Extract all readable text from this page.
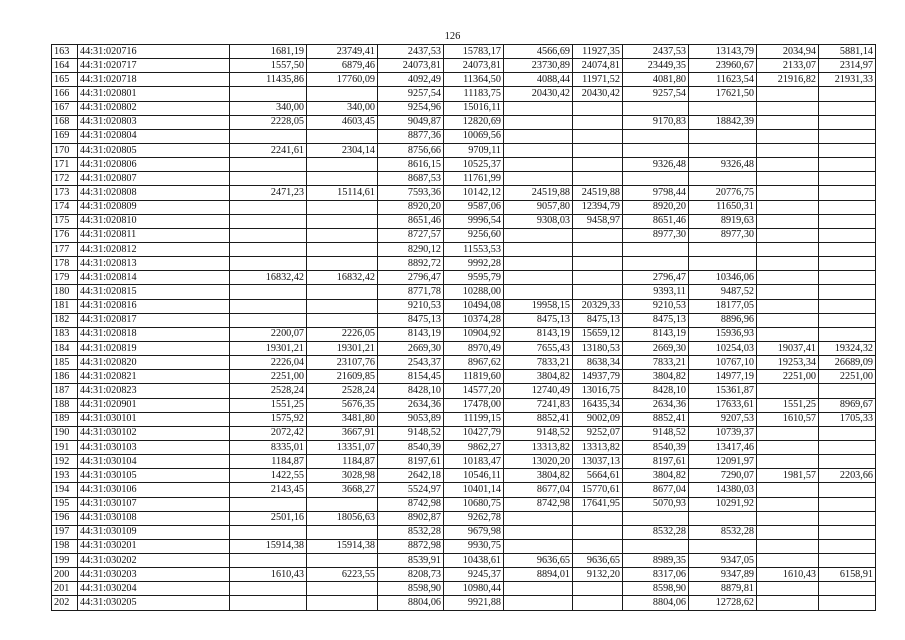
126
163	44:31:020716	1681,19	23749,41	2437,53	15783,17	4566,69	11927,35	2437,53	13143,79	2034,94	5881,14
164	44:31:020717	1557,50	6879,46	24073,81	24073,81	23730,89	24074,81	23449,35	23960,67	2133,07	2314,97
165	44:31:020718	11435,86	17760,09	4092,49	11364,50	4088,44	11971,52	4081,80	11623,54	21916,82	21931,33
166	44:31:020801			9257,54	11183,75	20430,42	20430,42	9257,54	17621,50		
167	44:31:020802	340,00	340,00	9254,96	15016,11						
168	44:31:020803	2228,05	4603,45	9049,87	12820,69			9170,83	18842,39		
169	44:31:020804			8877,36	10069,56						
170	44:31:020805	2241,61	2304,14	8756,66	9709,11						
171	44:31:020806			8616,15	10525,37			9326,48	9326,48		
172	44:31:020807			8687,53	11761,99						
173	44:31:020808	2471,23	15114,61	7593,36	10142,12	24519,88	24519,88	9798,44	20776,75		
174	44:31:020809			8920,20	9587,06	9057,80	12394,79	8920,20	11650,31		
175	44:31:020810			8651,46	9996,54	9308,03	9458,97	8651,46	8919,63		
176	44:31:020811			8727,57	9256,60			8977,30	8977,30		
177	44:31:020812			8290,12	11553,53						
178	44:31:020813			8892,72	9992,28						
179	44:31:020814	16832,42	16832,42	2796,47	9595,79			2796,47	10346,06		
180	44:31:020815			8771,78	10288,00			9393,11	9487,52		
181	44:31:020816			9210,53	10494,08	19958,15	20329,33	9210,53	18177,05		
182	44:31:020817			8475,13	10374,28	8475,13	8475,13	8475,13	8896,96		
183	44:31:020818	2200,07	2226,05	8143,19	10904,92	8143,19	15659,12	8143,19	15936,93		
184	44:31:020819	19301,21	19301,21	2669,30	8970,49	7655,43	13180,53	2669,30	10254,03	19037,41	19324,32
185	44:31:020820	2226,04	23107,76	2543,37	8967,62	7833,21	8638,34	7833,21	10767,10	19253,34	26689,09
186	44:31:020821	2251,00	21609,85	8154,45	11819,60	3804,82	14937,79	3804,82	14977,19	2251,00	2251,00
187	44:31:020823	2528,24	2528,24	8428,10	14577,20	12740,49	13016,75	8428,10	15361,87		
188	44:31:020901	1551,25	5676,35	2634,36	17478,00	7241,83	16435,34	2634,36	17633,61	1551,25	8969,67
189	44:31:030101	1575,92	3481,80	9053,89	11199,15	8852,41	9002,09	8852,41	9207,53	1610,57	1705,33
190	44:31:030102	2072,42	3667,91	9148,52	10427,79	9148,52	9252,07	9148,52	10739,37		
191	44:31:030103	8335,01	13351,07	8540,39	9862,27	13313,82	13313,82	8540,39	13417,46		
192	44:31:030104	1184,87	1184,87	8197,61	10183,47	13020,20	13037,13	8197,61	12091,97		
193	44:31:030105	1422,55	3028,98	2642,18	10546,11	3804,82	5664,61	3804,82	7290,07	1981,57	2203,66
194	44:31:030106	2143,45	3668,27	5524,97	10401,14	8677,04	15770,61	8677,04	14380,03		
195	44:31:030107			8742,98	10680,75	8742,98	17641,95	5070,93	10291,92		
196	44:31:030108	2501,16	18056,63	8902,87	9262,78						
197	44:31:030109			8532,28	9679,98			8532,28	8532,28		
198	44:31:030201	15914,38	15914,38	8872,98	9930,75						
199	44:31:030202			8539,91	10438,61	9636,65	9636,65	8989,35	9347,05		
200	44:31:030203	1610,43	6223,55	8208,73	9245,37	8894,01	9132,20	8317,06	9347,89	1610,43	6158,91
201	44:31:030204			8598,90	10980,44			8598,90	8879,81		
202	44:31:030205			8804,06	9921,88			8804,06	12728,62		
